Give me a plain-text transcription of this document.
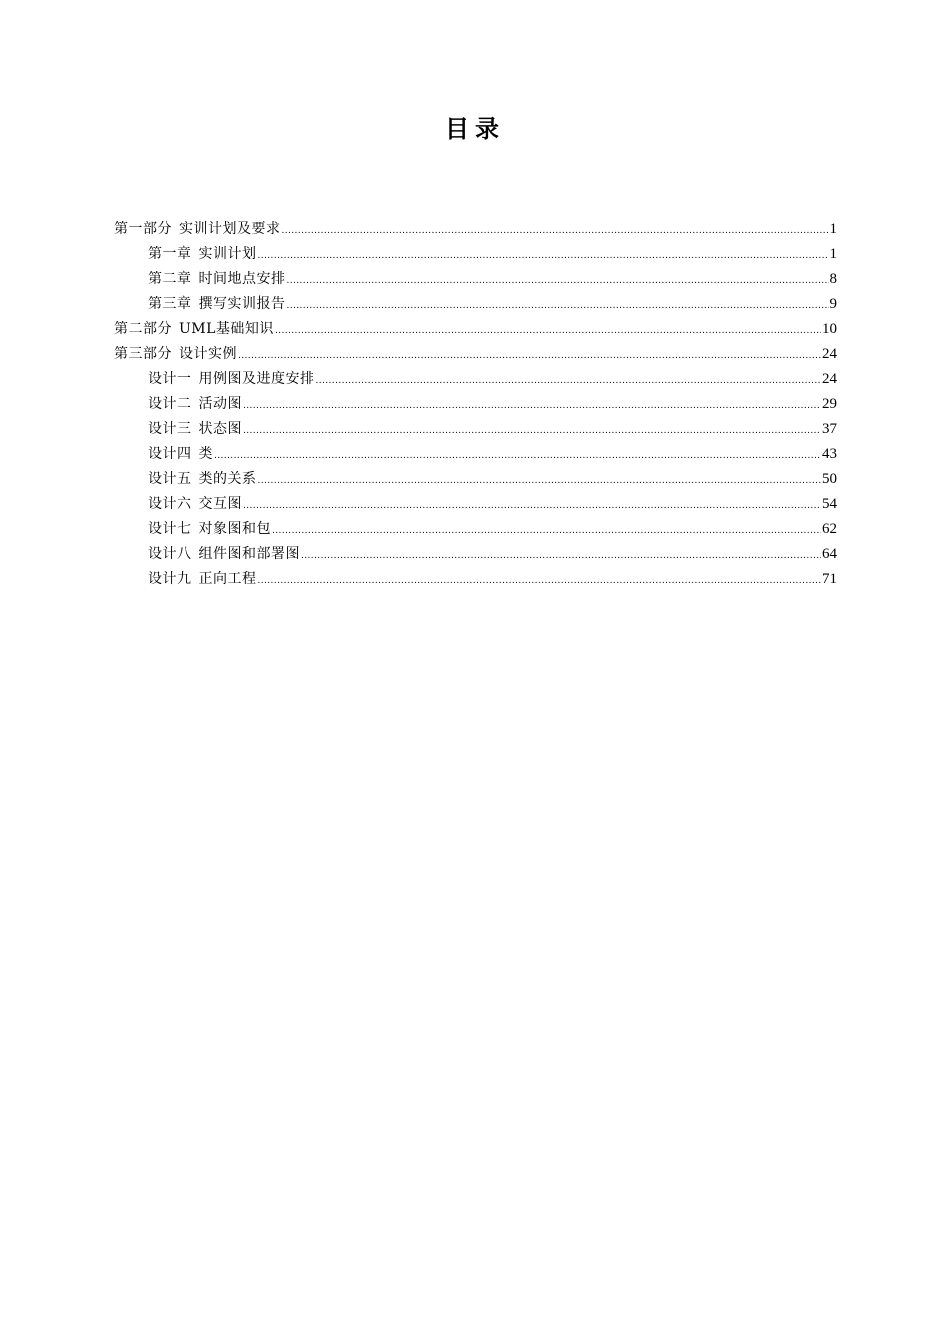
目录
第一部分 实训计划及要求 .....	1
第一章 实训计划 .....	1
第二章 时间地点安排 .....	8
第三章 撰写实训报告 .....	9
第二部分 UML基础知识 .....	10
第三部分 设计实例 .....	24
设计一 用例图及进度安排 .....	24
设计二 活动图 .....	29
设计三 状态图 .....	37
设计四 类 .....	43
设计五 类的关系 .....	50
设计六 交互图 .....	54
设计七 对象图和包 .....	62
设计八 组件图和部署图 .....	64
设计九 正向工程 .....	71
